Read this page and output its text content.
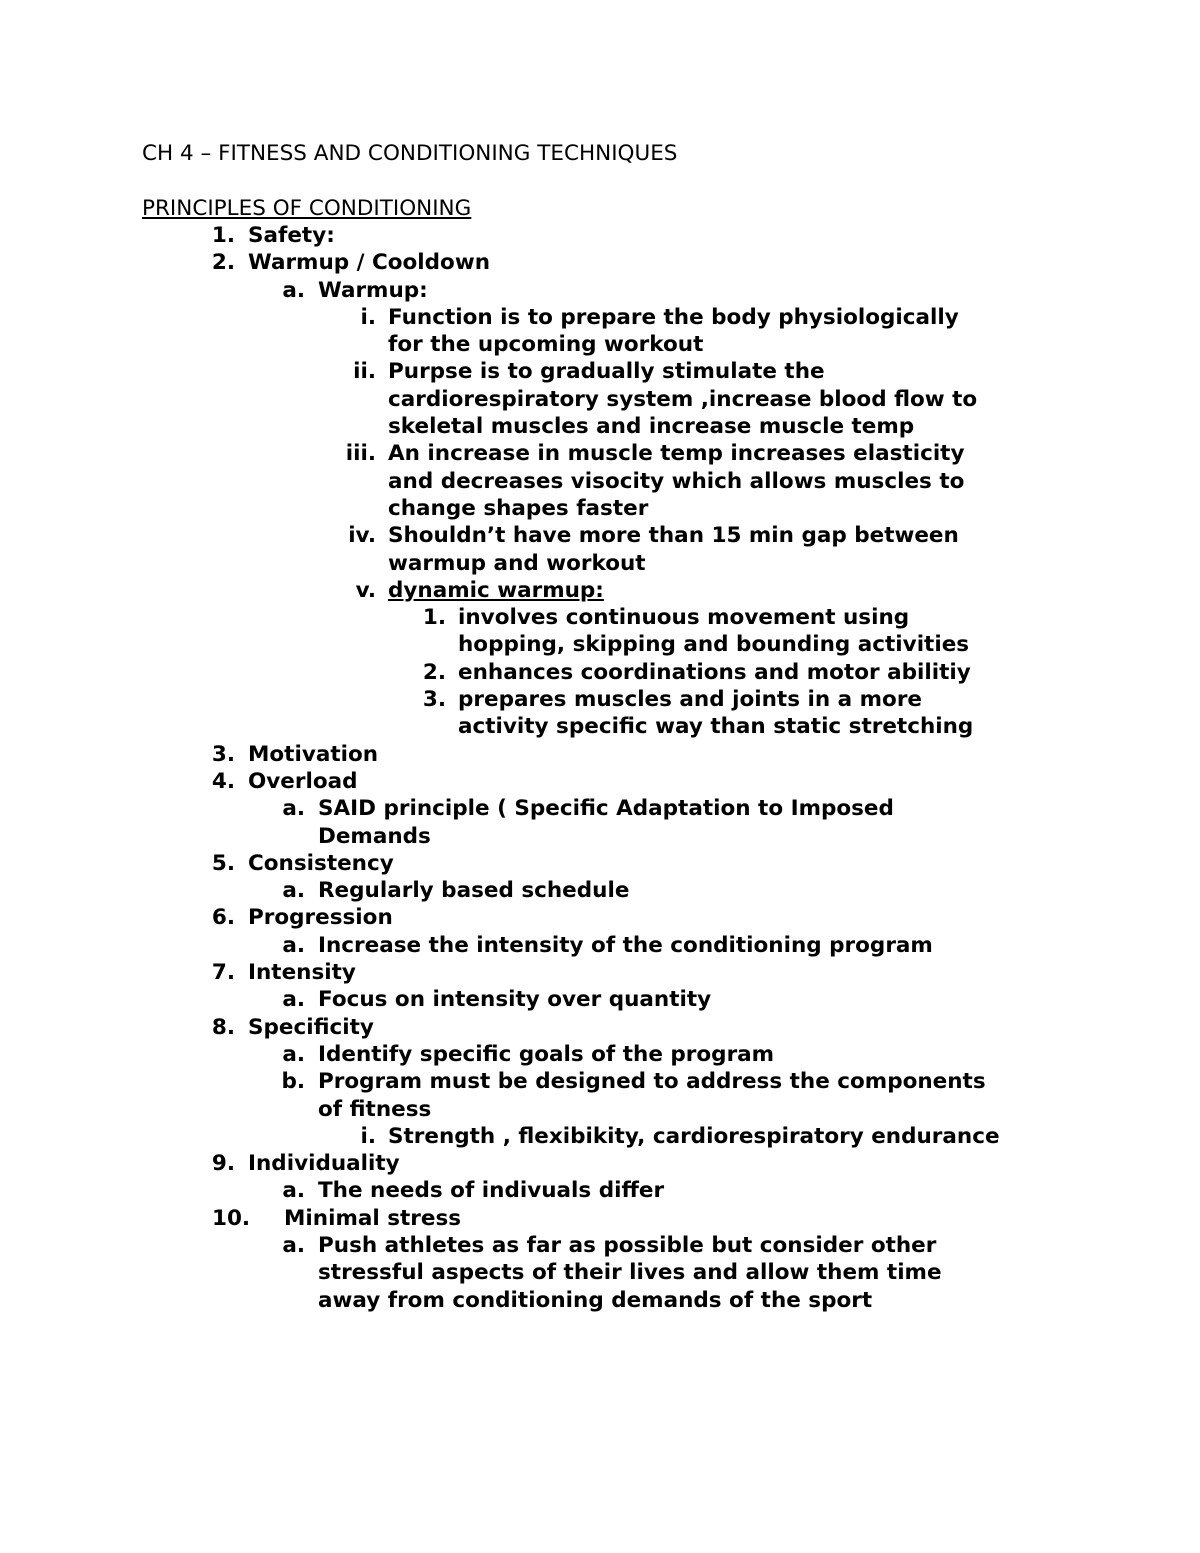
CH 4 – FITNESS AND CONDITIONING TECHNIQUES
PRINCIPLES OF CONDITIONING
1. Safety:
2. Warmup / Cooldown
a. Warmup:
i. Function is to prepare the body physiologically
for the upcoming workout
ii. Purpse is to gradually stimulate the
cardiorespiratory system ,increase blood flow to
skeletal muscles and increase muscle temp
iii. An increase in muscle temp increases elasticity
and decreases visocity which allows muscles to
change shapes faster
iv. Shouldn’t have more than 15 min gap between
warmup and workout
v. dynamic warmup:
1. involves continuous movement using
hopping, skipping and bounding activities
2. enhances coordinations and motor abilitiy
3. prepares muscles and joints in a more
activity specific way than static stretching
3. Motivation
4. Overload
a. SAID principle ( Specific Adaptation to Imposed
Demands
5. Consistency
a. Regularly based schedule
6. Progression
a. Increase the intensity of the conditioning program
7. Intensity
a. Focus on intensity over quantity
8. Specificity
a. Identify specific goals of the program
b. Program must be designed to address the components
of fitness
i. Strength , flexibikity, cardiorespiratory endurance
9. Individuality
a. The needs of indivuals differ
10. Minimal stress
a. Push athletes as far as possible but consider other
stressful aspects of their lives and allow them time
away from conditioning demands of the sport
